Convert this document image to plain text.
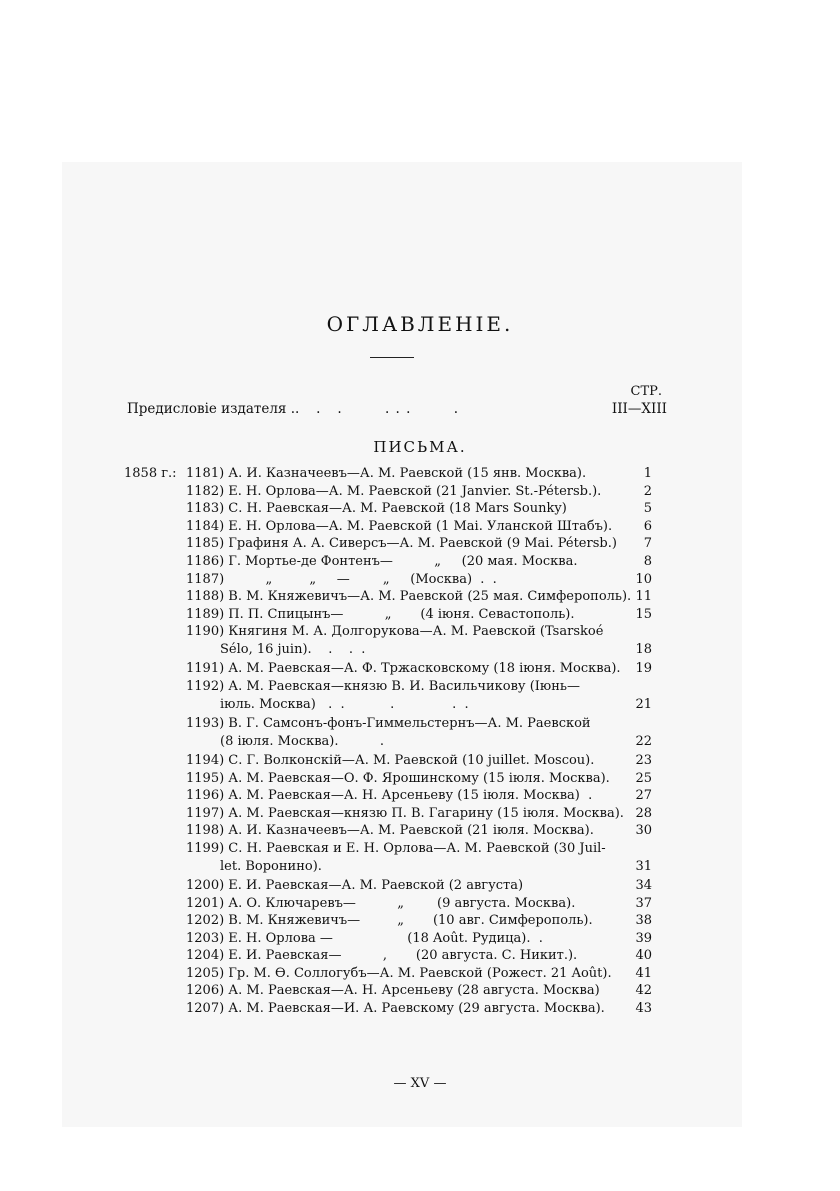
ОГЛАВЛЕНІЕ.
СТР.
Предисловіе издателя . .   .   .        . . .        .	III—XIII
ПИСЬМА.
1858 г.: 1181) А. И. Казначеевъ—А. М. Раевской (15 янв. Москва).	1
1182) Е. Н. Орлова—А. М. Раевской (21 Janvier. St.-Pétersb.).	2
1183) С. Н. Раевская—А. М. Раевской (18 Mars Sounky)	5
1184) Е. Н. Орлова—А. М. Раевской (1 Mai. Уланской Штабъ).	6
1185) Графиня А. А. Сиверсъ—А. М. Раевской (9 Mai. Pétersb.)	7
1186) Г. Мортье-де Фонтенъ—          „     (20 мая. Москва.	8
1187)          „         „     —        „     (Москва)  .  .	10
1188) В. М. Княжевичъ—А. М. Раевской (25 мая. Симферополь). 11
1189) П. П. Спицынъ—          „       (4 іюня. Севастополь).	15
1190) Княгиня М. А. Долгорукова—А. М. Раевской (Tsarskoé
Sélo, 16 juin).    .    .  .	18
1191) А. М. Раевская—А. Ф. Тржасковскому (18 іюня. Москва).	19
1192) А. М. Раевская—князю В. И. Васильчикову (Іюнь—
іюль. Москва)   .  .           .              .  .	21
1193) В. Г. Самсонъ-фонъ-Гиммельстернъ—А. М. Раевской
(8 іюля. Москва).          .	22
1194) С. Г. Волконскій—А. М. Раевской (10 juillet. Moscou).	23
1195) А. М. Раевская—О. Ф. Ярошинскому (15 іюля. Москва).	25
1196) А. М. Раевская—А. Н. Арсеньеву (15 іюля. Москва)  .	27
1197) А. М. Раевская—князю П. В. Гагарину (15 іюля. Москва). 28
1198) А. И. Казначеевъ—А. М. Раевской (21 іюля. Москва).	30
1199) С. Н. Раевская и Е. Н. Орлова—А. М. Раевской (30 Juil-
let. Воронино).	31
1200) Е. И. Раевская—А. М. Раевской (2 августа)	34
1201) А. О. Ключаревъ—          „        (9 августа. Москва).	37
1202) В. М. Княжевичъ—         „       (10 авг. Симферополь).	38
1203) Е. Н. Орлова —                  (18 Août. Рудица).  .	39
1204) Е. И. Раевская—          ,       (20 августа. С. Никит.).	40
1205) Гр. М. Ѳ. Соллогубъ—А. М. Раевской (Рожест. 21 Août).	41
1206) А. М. Раевская—А. Н. Арсеньеву (28 августа. Москва)	42
1207) А. М. Раевская—И. А. Раевскому (29 августа. Москва).	43
— XV —
